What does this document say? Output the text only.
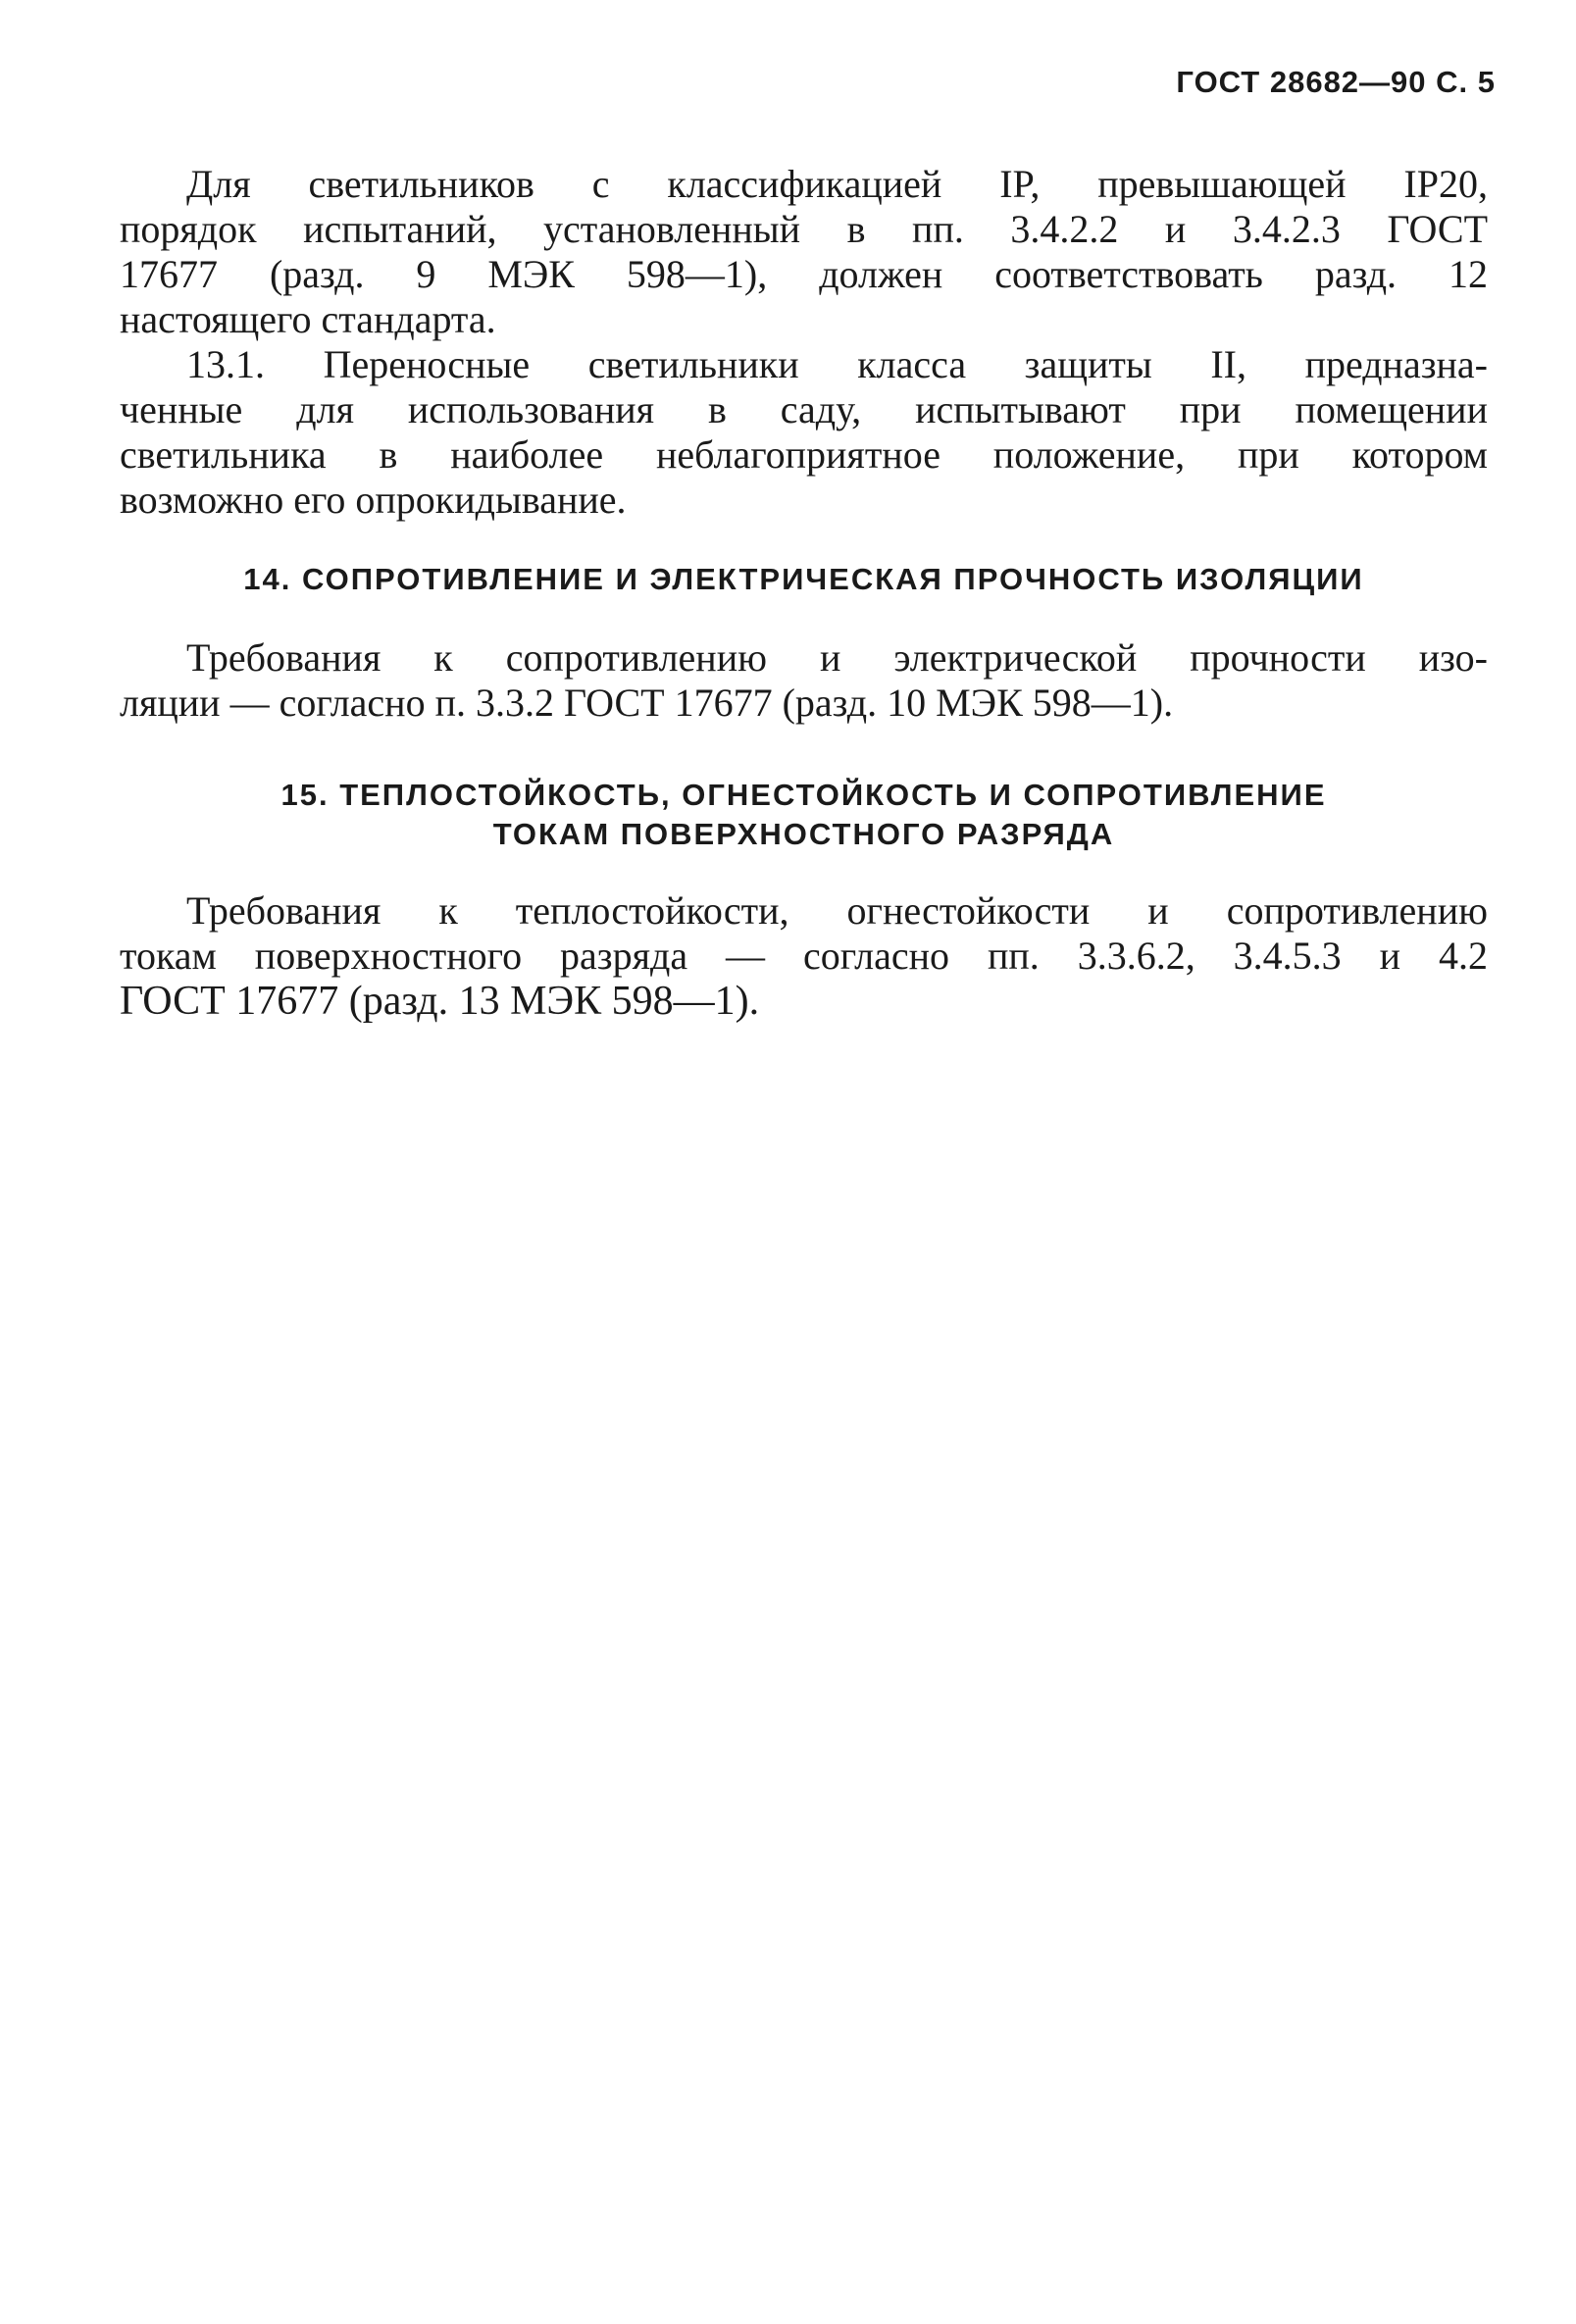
ГОСТ 28682—90 С. 5
Для светильников с классификацией IP, превышающей IP20,
порядок испытаний, установленный в пп. 3.4.2.2 и 3.4.2.3 ГОСТ
17677 (разд. 9 МЭК 598—1), должен соответствовать разд. 12
настоящего стандарта.
13.1. Переносные светильники класса защиты II, предназна-
ченные для использования в саду, испытывают при помещении
светильника в наиболее неблагоприятное положение, при котором
возможно его опрокидывание.
14. СОПРОТИВЛЕНИЕ И ЭЛЕКТРИЧЕСКАЯ ПРОЧНОСТЬ ИЗОЛЯЦИИ
Требования к сопротивлению и электрической прочности изо-
ляции — согласно п. 3.3.2 ГОСТ 17677 (разд. 10 МЭК 598—1).
15. ТЕПЛОСТОЙКОСТЬ, ОГНЕСТОЙКОСТЬ И СОПРОТИВЛЕНИЕ
ТОКАМ ПОВЕРХНОСТНОГО РАЗРЯДА
Требования к теплостойкости, огнестойкости и сопротивлению
токам поверхностного разряда — согласно пп. 3.3.6.2, 3.4.5.3 и 4.2
ГОСТ 17677 (разд. 13 МЭК 598—1).
